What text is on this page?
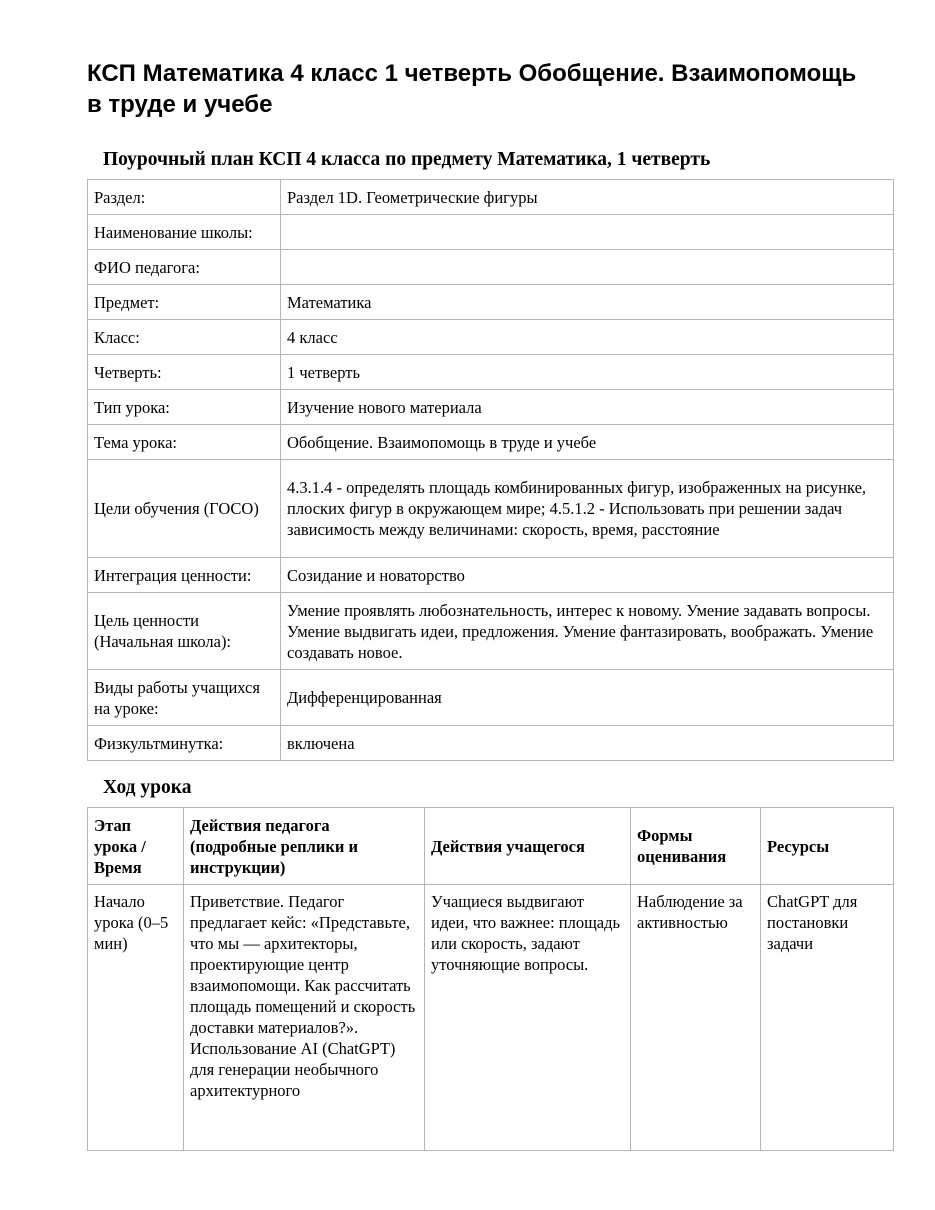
КСП Математика 4 класс 1 четверть Обобщение. Взаимопомощь в труде и учебе
Поурочный план КСП 4 класса по предмету Математика, 1 четверть
Раздел:	Раздел 1D. Геометрические фигуры
Наименование школы:	
ФИО педагога:	
Предмет:	Математика
Класс:	4 класс
Четверть:	1 четверть
Тип урока:	Изучение нового материала
Тема урока:	Обобщение. Взаимопомощь в труде и учебе
Цели обучения (ГОСО)	4.3.1.4 - определять площадь комбинированных фигур, изображенных на рисунке, плоских фигур в окружающем мире; 4.5.1.2 - Использовать при решении задач зависимость между величинами: скорость, время, расстояние
Интеграция ценности:	Созидание и новаторство
Цель ценности (Начальная школа):	Умение проявлять любознательность, интерес к новому. Умение задавать вопросы. Умение выдвигать идеи, предложения. Умение фантазировать, воображать. Умение создавать новое.
Виды работы учащихся на уроке:	Дифференцированная
Физкультминутка:	включена
Ход урока
Этап урока / Время	Действия педагога (подробные реплики и инструкции)	Действия учащегося	Формы оценивания	Ресурсы

Начало урока (0–5 мин)	Приветствие. Педагог предлагает кейс: «Представьте, что мы — архитекторы, проектирующие центр взаимопомощи. Как рассчитать площадь помещений и скорость доставки материалов?». Использование AI (ChatGPT) для генерации необычного архитектурного	Учащиеся выдвигают идеи, что важнее: площадь или скорость, задают уточняющие вопросы.	Наблюдение за активностью	ChatGPT для постановки задачи
